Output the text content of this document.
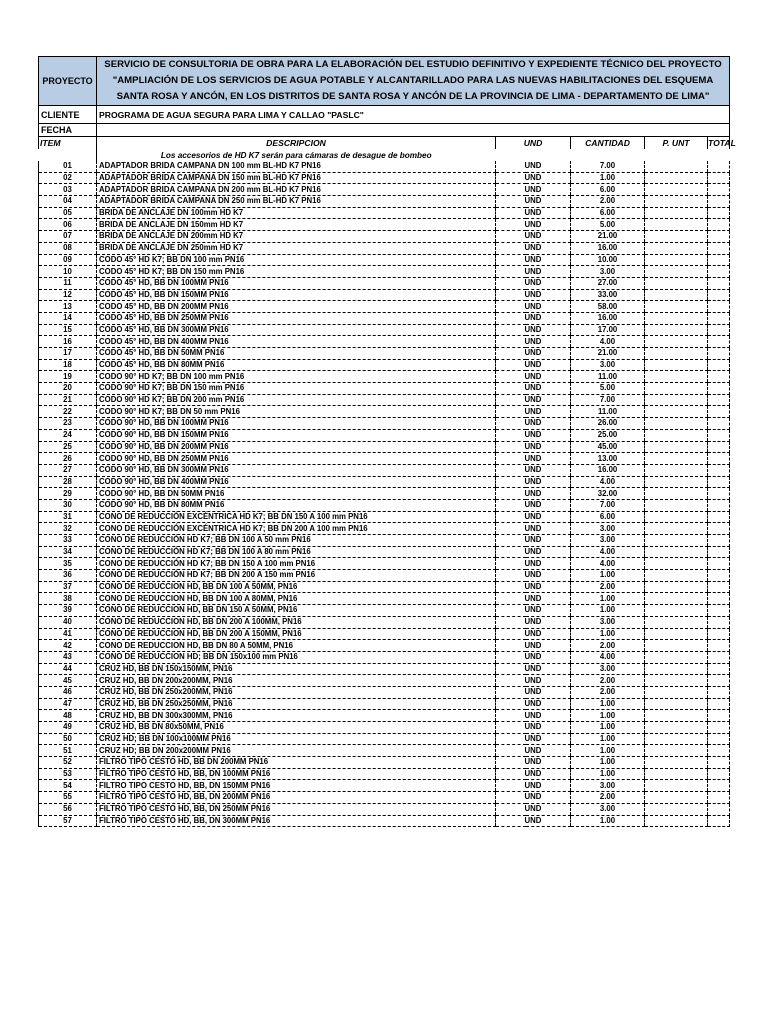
PROYECTO	SERVICIO DE CONSULTORIA DE OBRA PARA LA ELABORACIÓN DEL ESTUDIO DEFINITIVO Y EXPEDIENTE TÉCNICO DEL PROYECTO "AMPLIACIÓN DE LOS SERVICIOS DE AGUA POTABLE Y ALCANTARILLADO PARA LAS NUEVAS HABILITACIONES DEL ESQUEMA SANTA ROSA Y ANCÓN, EN LOS DISTRITOS DE SANTA ROSA Y ANCÓN DE LA PROVINCIA DE LIMA - DEPARTAMENTO DE LIMA"
CLIENTE	PROGRAMA DE AGUA SEGURA PARA LIMA Y CALLAO "PASLC"
FECHA	
ITEM	DESCRIPCION	UND	CANTIDAD	P. UNT	TOTAL
	Los accesorios de HD K7 serán para cámaras de desague de bombeo				
01	ADAPTADOR BRIDA CAMPANA DN 100 mm BL-HD K7 PN16	UND	7.00		
02	ADAPTADOR BRIDA CAMPANA DN 150 mm BL-HD K7 PN16	UND	1.00		
03	ADAPTADOR BRIDA CAMPANA DN 200 mm BL-HD K7 PN16	UND	6.00		
04	ADAPTADOR BRIDA CAMPANA DN 250 mm BL-HD K7 PN16	UND	2.00		
05	BRIDA DE ANCLAJE DN 100mm HD K7	UND	6.00		
06	BRIDA DE ANCLAJE DN 150mm HD K7	UND	5.00		
07	BRIDA DE ANCLAJE DN 200mm HD K7	UND	21.00		
08	BRIDA DE ANCLAJE DN 250mm HD K7	UND	16.00		
09	CODO 45° HD K7; BB DN 100 mm PN16	UND	10.00		
10	CODO 45° HD K7; BB DN 150 mm PN16	UND	3.00		
11	CODO 45° HD, BB DN 100MM PN16	UND	27.00		
12	CODO 45° HD, BB DN 150MM PN16	UND	33.00		
13	CODO 45° HD, BB DN 200MM PN16	UND	58.00		
14	CODO 45° HD, BB DN 250MM PN16	UND	16.00		
15	CODO 45° HD, BB DN 300MM PN16	UND	17.00		
16	CODO 45° HD, BB DN 400MM PN16	UND	4.00		
17	CODO 45° HD, BB DN 50MM PN16	UND	21.00		
18	CODO 45° HD, BB DN 80MM PN16	UND	3.00		
19	CODO 90° HD K7; BB DN 100 mm PN16	UND	11.00		
20	CODO 90° HD K7; BB DN 150 mm PN16	UND	5.00		
21	CODO 90° HD K7; BB DN 200 mm PN16	UND	7.00		
22	CODO 90° HD K7; BB DN 50 mm PN16	UND	11.00		
23	CODO 90° HD, BB DN 100MM PN16	UND	26.00		
24	CODO 90° HD, BB DN 150MM PN16	UND	25.00		
25	CODO 90° HD, BB DN 200MM PN16	UND	45.00		
26	CODO 90° HD, BB DN 250MM PN16	UND	13.00		
27	CODO 90° HD, BB DN 300MM PN16	UND	16.00		
28	CODO 90° HD, BB DN 400MM PN16	UND	4.00		
29	CODO 90° HD, BB DN 50MM PN16	UND	32.00		
30	CODO 90° HD, BB DN 80MM PN16	UND	7.00		
31	CONO DE REDUCCIÓN EXCÉNTRICA HD K7; BB DN 150 A 100 mm PN16	UND	6.00		
32	CONO DE REDUCCIÓN EXCÉNTRICA HD K7; BB DN 200 A 100 mm PN16	UND	3.00		
33	CONO DE REDUCCIÓN HD K7; BB DN 100 A 50 mm PN16	UND	3.00		
34	CONO DE REDUCCIÓN HD K7; BB DN 100 A 80 mm PN16	UND	4.00		
35	CONO DE REDUCCIÓN HD K7; BB DN 150 A 100 mm PN16	UND	4.00		
36	CONO DE REDUCCIÓN HD K7; BB DN 200 A 150 mm PN16	UND	1.00		
37	CONO DE REDUCCION HD, BB DN 100 A 50MM, PN16	UND	2.00		
38	CONO DE REDUCCION HD, BB DN 100 A 80MM, PN16	UND	1.00		
39	CONO DE REDUCCION HD, BB DN 150 A 50MM, PN16	UND	1.00		
40	CONO DE REDUCCION HD, BB DN 200 A 100MM, PN16	UND	3.00		
41	CONO DE REDUCCION HD, BB DN 200 A 150MM, PN16	UND	1.00		
42	CONO DE REDUCCION HD, BB DN 80 A 50MM, PN16	UND	2.00		
43	CONO DE REDUCCION HD; BB DN 150x100 mm PN16	UND	4.00		
44	CRUZ HD, BB DN 150x150MM, PN16	UND	3.00		
45	CRUZ HD, BB DN 200x200MM, PN16	UND	2.00		
46	CRUZ HD, BB DN 250x200MM, PN16	UND	2.00		
47	CRUZ HD, BB DN 250x250MM, PN16	UND	1.00		
48	CRUZ HD, BB DN 300x300MM, PN16	UND	1.00		
49	CRUZ HD, BB DN 80x50MM, PN16	UND	1.00		
50	CRUZ HD; BB DN 100x100MM PN16	UND	1.00		
51	CRUZ HD; BB DN 200x200MM PN16	UND	1.00		
52	FILTRO TIPO CESTO HD, BB DN 200MM PN16	UND	1.00		
53	FILTRO TIPO CESTO HD, BB, DN 100MM PN16	UND	1.00		
54	FILTRO TIPO CESTO HD, BB, DN 150MM PN16	UND	3.00		
55	FILTRO TIPO CESTO HD, BB, DN 200MM PN16	UND	2.00		
56	FILTRO TIPO CESTO HD, BB, DN 250MM PN16	UND	3.00		
57	FILTRO TIPO CESTO HD, BB, DN 300MM PN16	UND	1.00		
